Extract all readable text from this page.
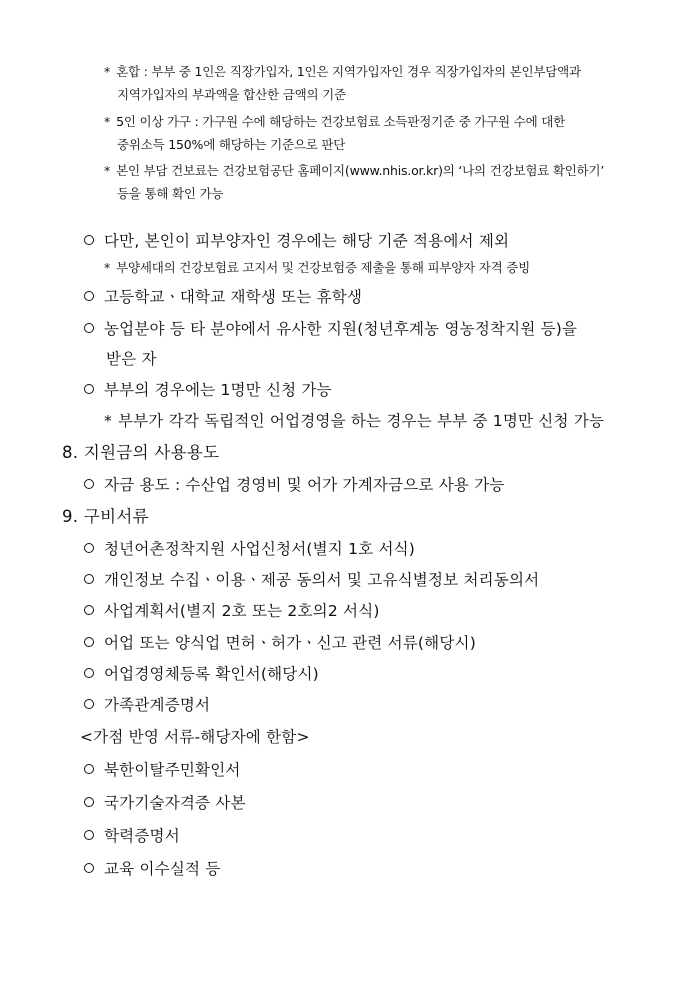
* 혼합 : 부부 중 1인은 직장가입자, 1인은 지역가입자인 경우 직장가입자의 본인부담액과
지역가입자의 부과액을 합산한 금액의 기준
* 5인 이상 가구 : 가구원 수에 해당하는 건강보험료 소득판정기준 중 가구원 수에 대한
중위소득 150%에 해당하는 기준으로 판단
* 본인 부담 건보료는 건강보험공단 홈페이지(www.nhis.or.kr)의 ‘나의 건강보험료 확인하기’
등을 통해 확인 가능
다만, 본인이 피부양자인 경우에는 해당 기준 적용에서 제외
* 부양세대의 건강보험료 고지서 및 건강보험증 제출을 통해 피부양자 자격 증빙
고등학교ㆍ대학교 재학생 또는 휴학생
농업분야 등 타 분야에서 유사한 지원(청년후계농 영농정착지원 등)을
받은 자
부부의 경우에는 1명만 신청 가능
* 부부가 각각 독립적인 어업경영을 하는 경우는 부부 중 1명만 신청 가능
8. 지원금의 사용용도
자금 용도 : 수산업 경영비 및 어가 가계자금으로 사용 가능
9. 구비서류
청년어촌정착지원 사업신청서(별지 1호 서식)
개인정보 수집ㆍ이용ㆍ제공 동의서 및 고유식별정보 처리동의서
사업계획서(별지 2호 또는 2호의2 서식)
어업 또는 양식업 면허ㆍ허가ㆍ신고 관련 서류(해당시)
어업경영체등록 확인서(해당시)
가족관계증명서
<가점 반영 서류-해당자에 한함>
북한이탈주민확인서
국가기술자격증 사본
학력증명서
교육 이수실적 등
